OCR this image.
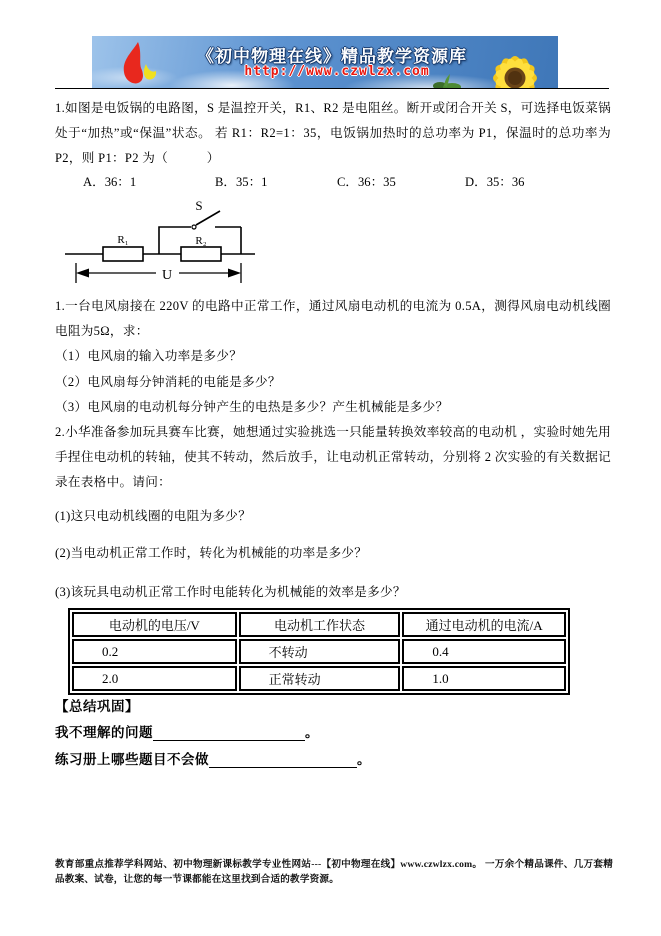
《初中物理在线》精品教学资源库
http://www.czwlzx.com
1.如图是电饭锅的电路图，S 是温控开关，R1、R2 是电阻丝。断开或闭合开关 S，可选择电饭菜锅处于“加热”或“保温”状态。 若 R1：R2=1：35，电饭锅加热时的总功率为 P1，保温时的总功率为 P2，则 P1：P2 为（　　　）
A．36：1	B．35：1	C．36：35	D．35：36
R₁	R₂
S
U
1.一台电风扇接在 220V 的电路中正常工作，通过风扇电动机的电流为 0.5A，测得风扇电动机线圈电阻为5Ω，求：
（1）电风扇的输入功率是多少？
（2）电风扇每分钟消耗的电能是多少？
（3）电风扇的电动机每分钟产生的电热是多少？产生机械能是多少？
2.小华准备参加玩具赛车比赛，她想通过实验挑选一只能量转换效率较高的电动机 ，实验时她先用手捏住电动机的转轴，使其不转动，然后放手，让电动机正常转动，分别将 2 次实验的有关数据记录在表格中。请问：
(1)这只电动机线圈的电阻为多少？
(2)当电动机正常工作时，转化为机械能的功率是多少？
(3)该玩具电动机正常工作时电能转化为机械能的效率是多少？
电动机的电压/V	电动机工作状态	通过电动机的电流/A
0.2	不转动	0.4
2.0	正常转动	1.0
【总结巩固】
我不理解的问题	。
练习册上哪些题目不会做	。
教育部重点推荐学科网站、初中物理新课标教学专业性网站---【初中物理在线】www.czwlzx.com。 一万余个精品课件、几万套精品教案、试卷，让您的每一节课都能在这里找到合适的教学资源。
